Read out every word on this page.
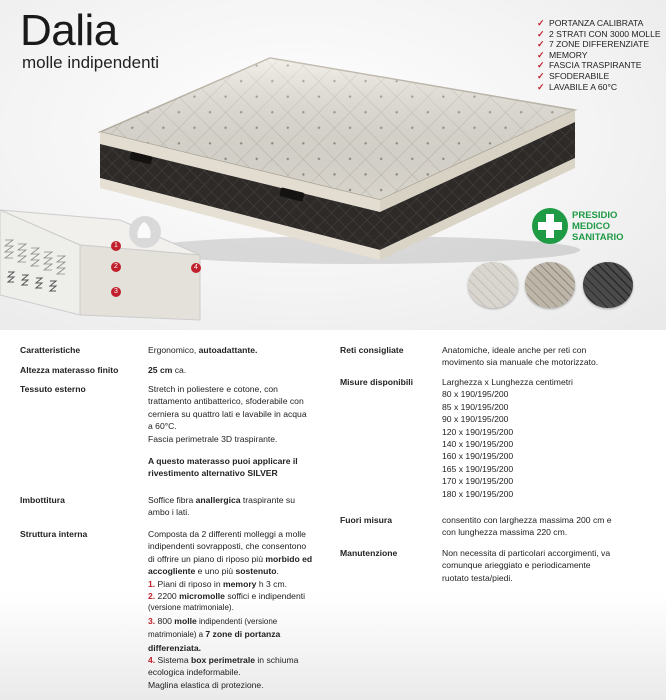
Dalia
molle indipendenti
✓ PORTANZA CALIBRATA
✓ 2 STRATI CON 3000 MOLLE
✓ 7 ZONE DIFFERENZIATE
✓ MEMORY
✓ FASCIA TRASPIRANTE
✓ SFODERABILE
✓ LAVABILE A 60°C
1
2
3
4
PRESIDIO
MEDICO
SANITARIO
Caratteristiche	Ergonomico, autoadattante.
Altezza materasso finito	25 cm ca.
Tessuto esterno	Stretch in poliestere e cotone, con
trattamento antibatterico, sfoderabile con
cerniera su quattro lati e lavabile in acqua
a 60°C.
Fascia perimetrale 3D traspirante.
A questo materasso puoi applicare il
rivestimento alternativo SILVER
Imbottitura	Soffice fibra anallergica traspirante su
ambo i lati.
Struttura interna	Composta da 2 differenti molleggi a molle
indipendenti sovrapposti, che consentono
di offrire un piano di riposo più morbido ed
accogliente e uno più sostenuto.
1. Piani di riposo in memory h 3 cm.
2. 2200 micromolle soffici e indipendenti
(versione matrimoniale).
3. 800 molle indipendenti (versione
matrimoniale) a 7 zone di portanza
differenziata.
4. Sistema box perimetrale in schiuma
ecologica indeformabile.
Maglina elastica di protezione.
Reti consigliate	Anatomiche, ideale anche per reti con
movimento sia manuale che motorizzato.
Misure disponibili	Larghezza x Lunghezza centimetri
80 x 190/195/200
85 x 190/195/200
90 x 190/195/200
120 x 190/195/200
140 x 190/195/200
160 x 190/195/200
165 x 190/195/200
170 x 190/195/200
180 x 190/195/200
Fuori misura	consentito con larghezza massima 200 cm e
con lunghezza massima 220 cm.
Manutenzione	Non necessita di particolari accorgimenti, va
comunque arieggiato e periodicamente
ruotato testa/piedi.
